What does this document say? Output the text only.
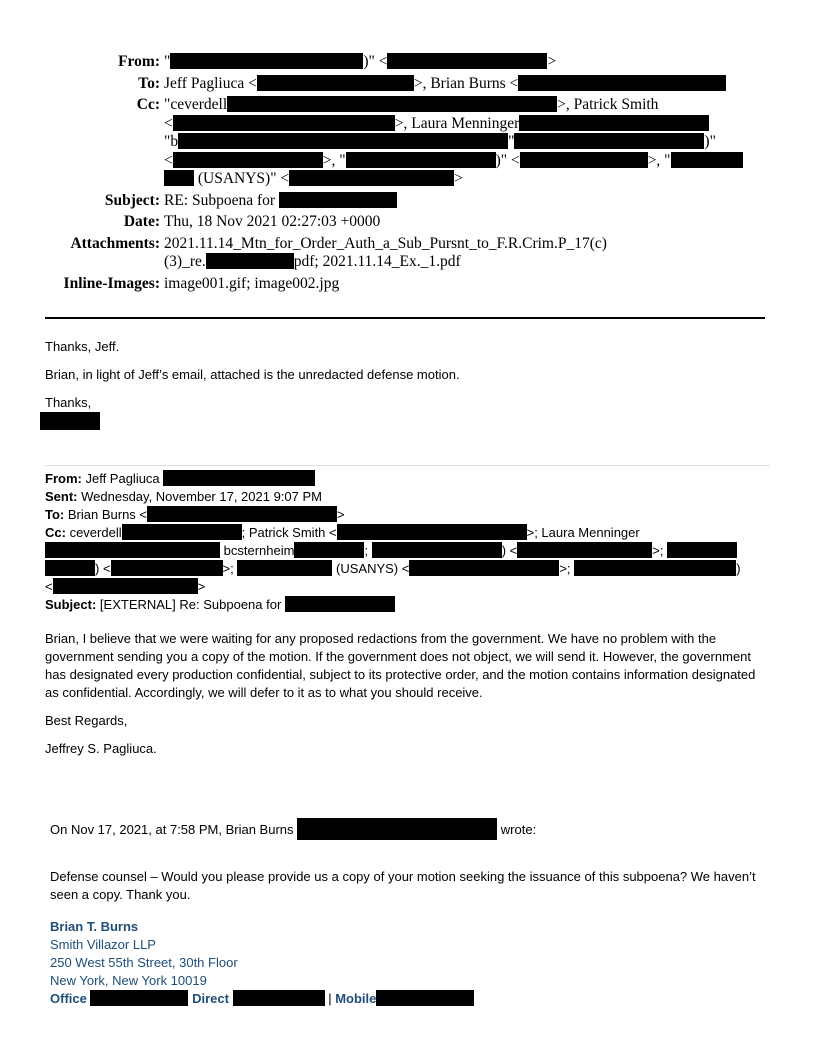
From: "	)" <	>
To: Jeff Pagliuca <	>, Brian Burns <
Cc: "ceverdell	>, Patrick Smith
<	>, Laura Menninger
"b	"	)"
<	>, "	)" <	>, "
(USANYS)" <	>
Subject: RE: Subpoena for
Date: Thu, 18 Nov 2021 02:27:03 +0000
Attachments: 2021.11.14_Mtn_for_Order_Auth_a_Sub_Pursnt_to_F.R.Crim.P_17(c)
(3)_re.	pdf; 2021.11.14_Ex._1.pdf
Inline-Images: image001.gif; image002.jpg

Thanks, Jeff.

Brian, in light of Jeff’s email, attached is the unredacted defense motion.

Thanks,

From: Jeff Pagliuca
Sent: Wednesday, November 17, 2021 9:07 PM
To: Brian Burns <	>
Cc: ceverdell	; Patrick Smith <	>; Laura Menninger
bcsternheim	;	) <	>;
) <	>;	(USANYS) <	>;	)
<	>
Subject: [EXTERNAL] Re: Subpoena for

Brian, I believe that we were waiting for any proposed redactions from the government. We have no problem with the government sending you a copy of the motion. If the government does not object, we will send it. However, the government has designated every production confidential, subject to its protective order, and the motion contains information designated as confidential. Accordingly, we will defer to it as to what you should receive.

Best Regards,

Jeffrey S. Pagliuca.

On Nov 17, 2021, at 7:58 PM, Brian Burns	wrote:

Defense counsel – Would you please provide us a copy of your motion seeking the issuance of this subpoena? We haven’t seen a copy. Thank you.

Brian T. Burns
Smith Villazor LLP
250 West 55th Street, 30th Floor
New York, New York 10019
Office	Direct	| Mobile
